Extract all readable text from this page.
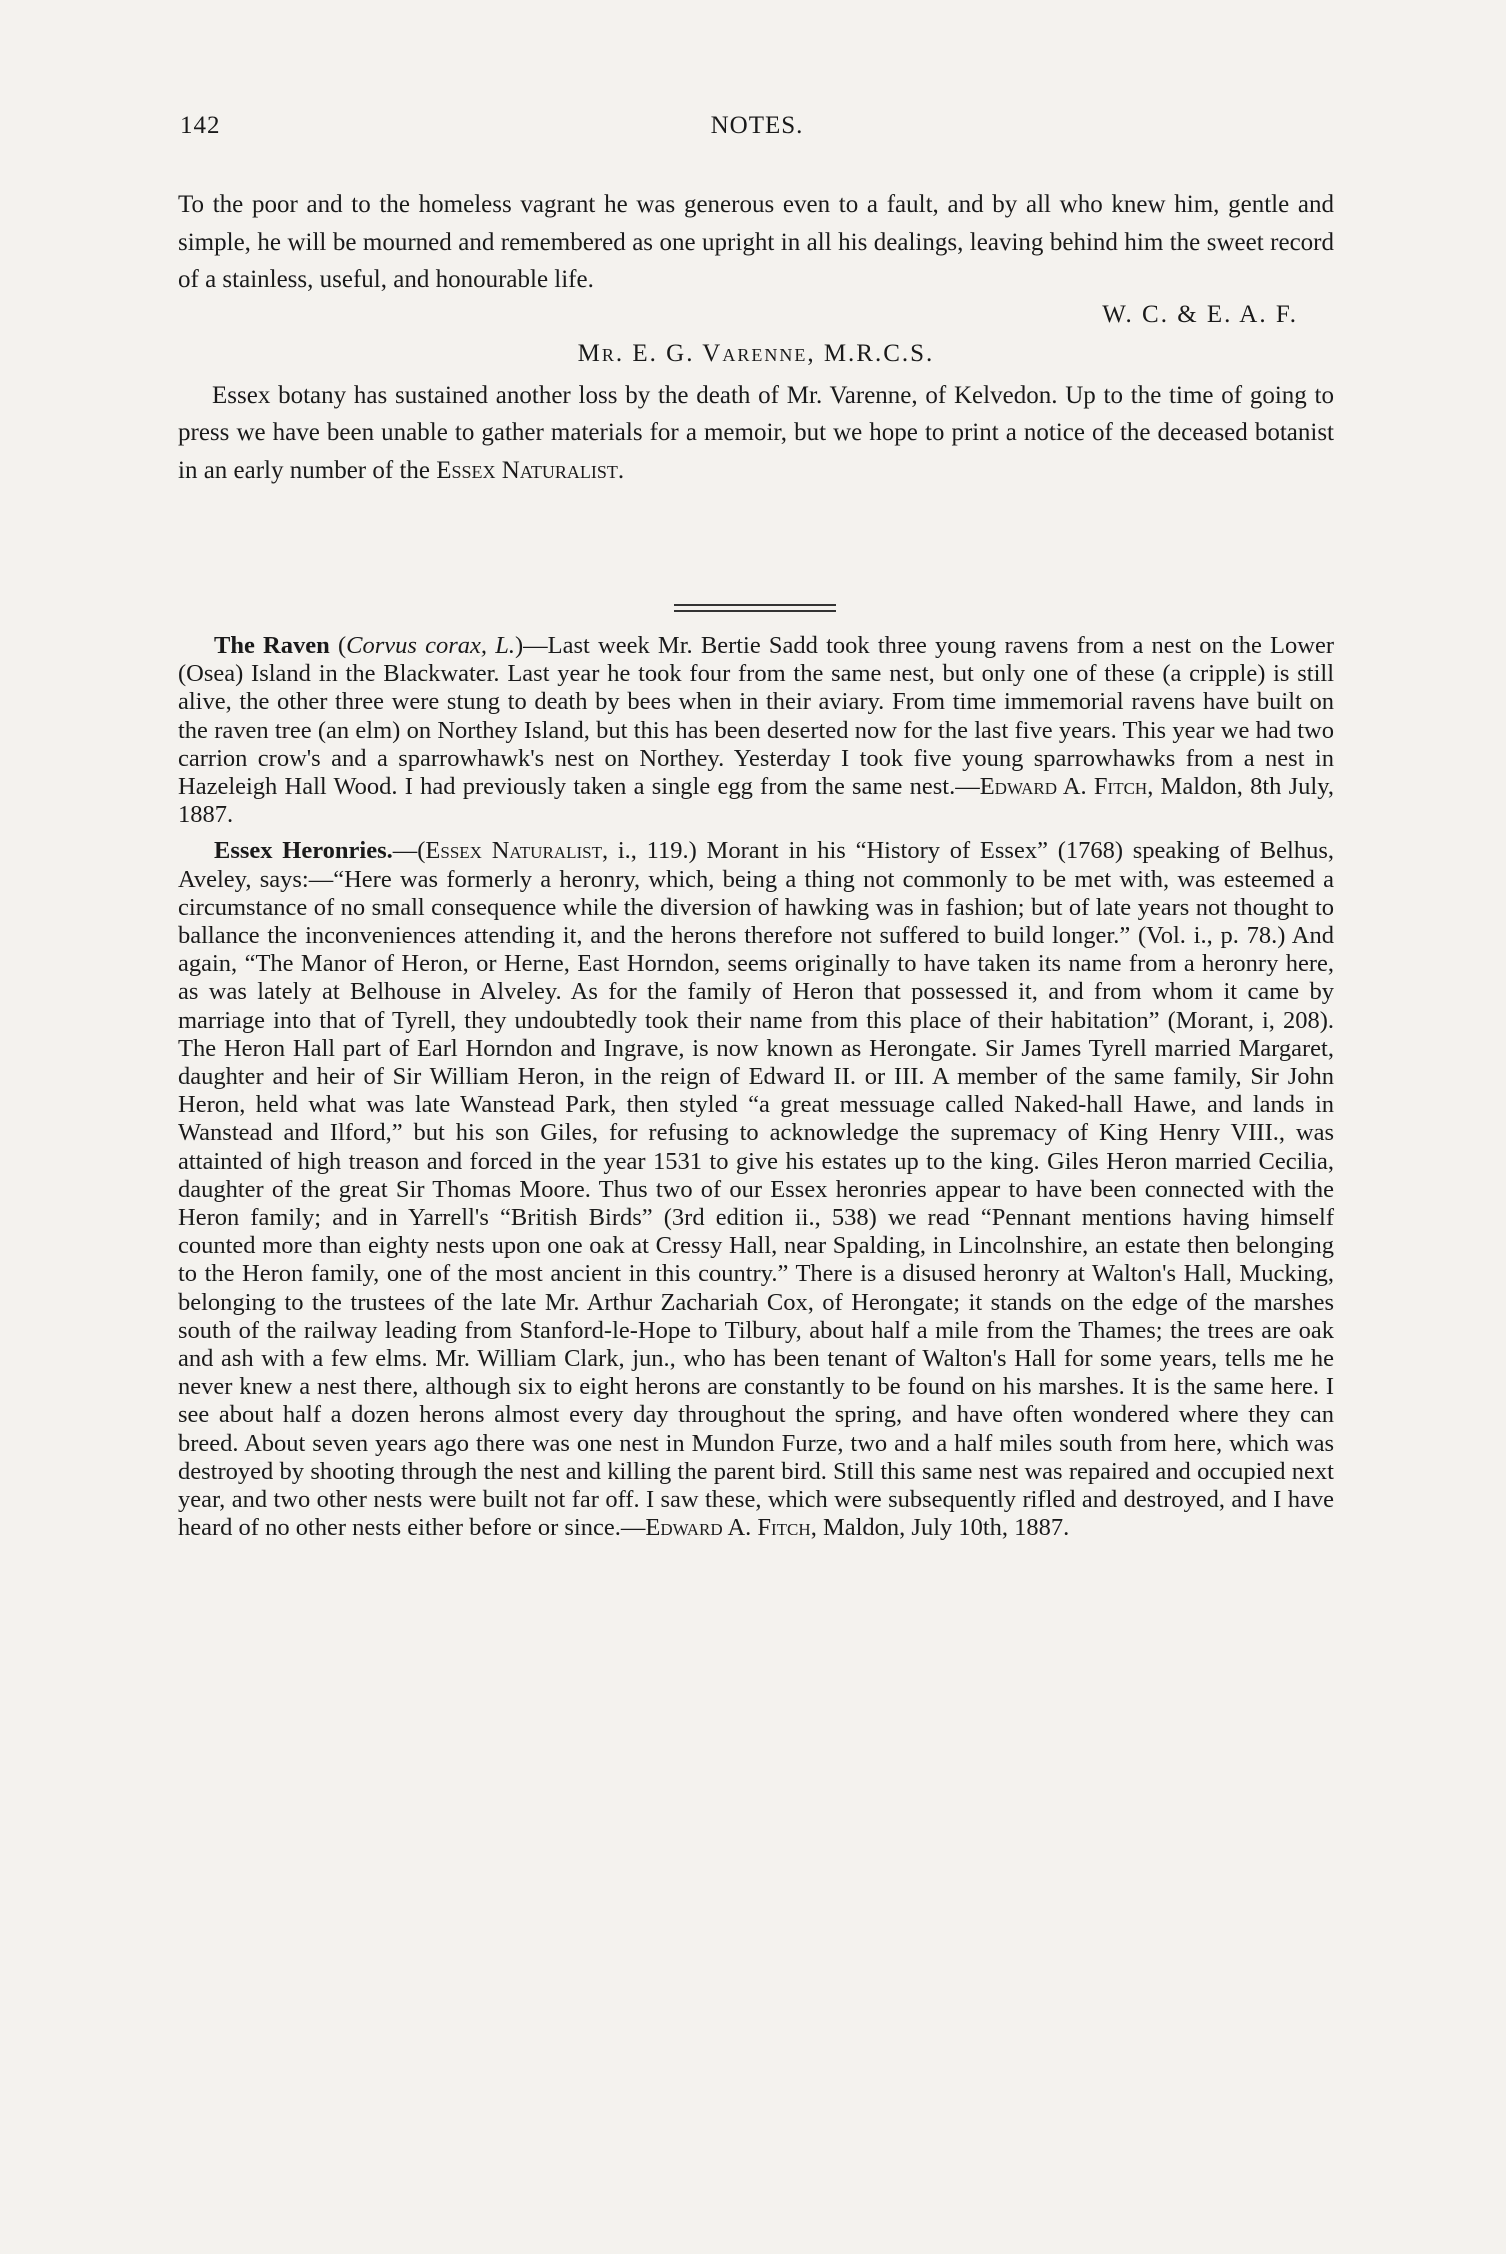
142	NOTES.

To the poor and to the homeless vagrant he was generous even to a fault, and by all who knew him, gentle and simple, he will be mourned and remembered as one upright in all his dealings, leaving behind him the sweet record of a stainless, useful, and honourable life.

W. C. & E. A. F.
Mr. E. G. Varenne, M.R.C.S.

Essex botany has sustained another loss by the death of Mr. Varenne, of Kelvedon. Up to the time of going to press we have been unable to gather materials for a memoir, but we hope to print a notice of the deceased botanist in an early number of the Essex Naturalist.

The Raven (Corvus corax, L.)—Last week Mr. Bertie Sadd took three young ravens from a nest on the Lower (Osea) Island in the Blackwater. Last year he took four from the same nest, but only one of these (a cripple) is still alive, the other three were stung to death by bees when in their aviary. From time immemorial ravens have built on the raven tree (an elm) on Northey Island, but this has been deserted now for the last five years. This year we had two carrion crow's and a sparrowhawk's nest on Northey. Yesterday I took five young sparrowhawks from a nest in Hazeleigh Hall Wood. I had previously taken a single egg from the same nest.—Edward A. Fitch, Maldon, 8th July, 1887.

Essex Heronries.—(Essex Naturalist, i., 119.) Morant in his “History of Essex” (1768) speaking of Belhus, Aveley, says:—“Here was formerly a heronry, which, being a thing not commonly to be met with, was esteemed a circumstance of no small consequence while the diversion of hawking was in fashion; but of late years not thought to ballance the inconveniences attending it, and the herons therefore not suffered to build longer.” (Vol. i., p. 78.) And again, “The Manor of Heron, or Herne, East Horndon, seems originally to have taken its name from a heronry here, as was lately at Belhouse in Alveley. As for the family of Heron that possessed it, and from whom it came by marriage into that of Tyrell, they undoubtedly took their name from this place of their habitation” (Morant, i, 208). The Heron Hall part of Earl Horndon and Ingrave, is now known as Herongate. Sir James Tyrell married Margaret, daughter and heir of Sir William Heron, in the reign of Edward II. or III. A member of the same family, Sir John Heron, held what was late Wanstead Park, then styled “a great messuage called Naked-hall Hawe, and lands in Wanstead and Ilford,” but his son Giles, for refusing to acknowledge the supremacy of King Henry VIII., was attainted of high treason and forced in the year 1531 to give his estates up to the king. Giles Heron married Cecilia, daughter of the great Sir Thomas Moore. Thus two of our Essex heronries appear to have been connected with the Heron family; and in Yarrell's “British Birds” (3rd edition ii., 538) we read “Pennant mentions having himself counted more than eighty nests upon one oak at Cressy Hall, near Spalding, in Lincolnshire, an estate then belonging to the Heron family, one of the most ancient in this country.” There is a disused heronry at Walton's Hall, Mucking, belonging to the trustees of the late Mr. Arthur Zachariah Cox, of Herongate; it stands on the edge of the marshes south of the railway leading from Stanford-le-Hope to Tilbury, about half a mile from the Thames; the trees are oak and ash with a few elms. Mr. William Clark, jun., who has been tenant of Walton's Hall for some years, tells me he never knew a nest there, although six to eight herons are constantly to be found on his marshes. It is the same here. I see about half a dozen herons almost every day throughout the spring, and have often wondered where they can breed. About seven years ago there was one nest in Mundon Furze, two and a half miles south from here, which was destroyed by shooting through the nest and killing the parent bird. Still this same nest was repaired and occupied next year, and two other nests were built not far off. I saw these, which were subsequently rifled and destroyed, and I have heard of no other nests either before or since.—Edward A. Fitch, Maldon, July 10th, 1887.
